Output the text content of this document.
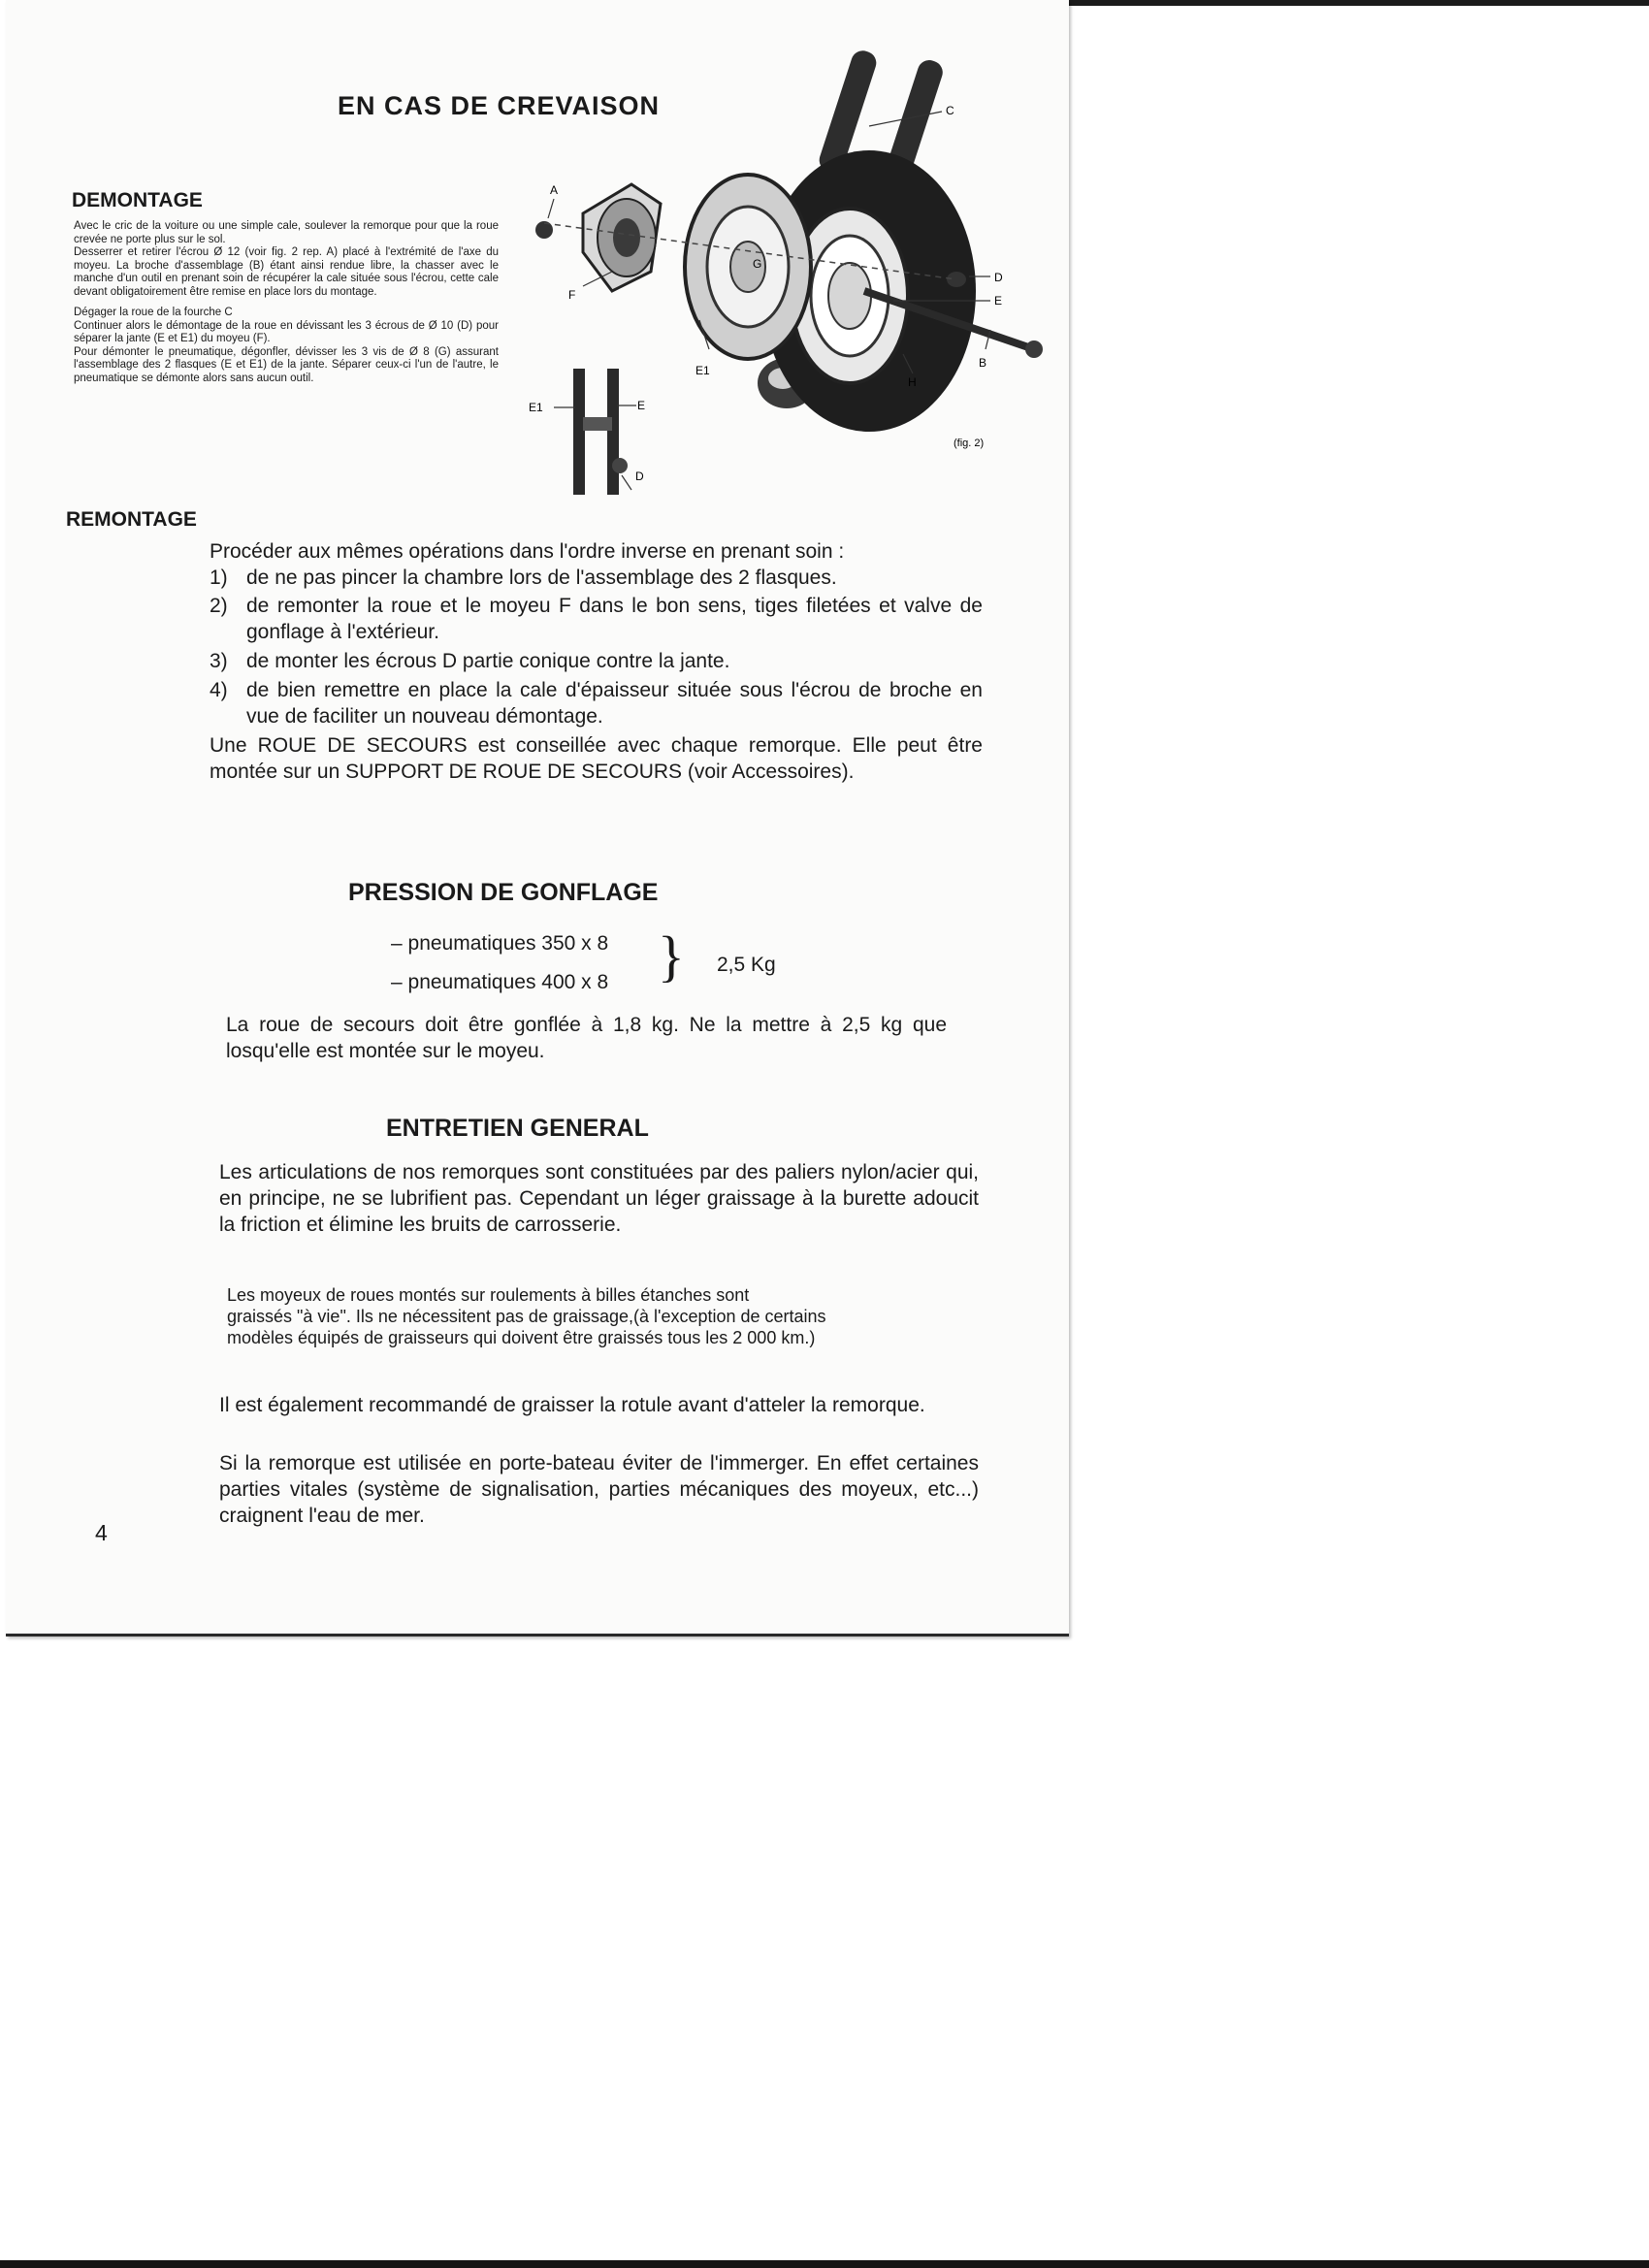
EN CAS DE CREVAISON
DEMONTAGE
Avec le cric de la voiture ou une simple cale, soulever la remorque pour que la roue crevée ne porte plus sur le sol.
Desserrer et retirer l'écrou Ø 12 (voir fig. 2 rep. A) placé à l'extrémité de l'axe du moyeu. La broche d'assemblage (B) étant ainsi rendue libre, la chasser avec le manche d'un outil en prenant soin de récupérer la cale située sous l'écrou, cette cale devant obligatoirement être remise en place lors du montage.
Dégager la roue de la fourche C
Continuer alors le démontage de la roue en dévissant les 3 écrous de Ø 10 (D) pour séparer la jante (E et E1) du moyeu (F).
Pour démonter le pneumatique, dégonfler, dévisser les 3 vis de Ø 8 (G) assurant l'assemblage des 2 flasques (E et E1) de la jante. Séparer ceux-ci l'un de l'autre, le pneumatique se démonte alors sans aucun outil.
A
C
D
E
F
G
E1
H
B
E1	E
D
(fig. 2)
REMONTAGE
Procéder aux mêmes opérations dans l'ordre inverse en prenant soin :
1) de ne pas pincer la chambre lors de l'assemblage des 2 flasques.
2) de remonter la roue et le moyeu F dans le bon sens, tiges filetées et valve de gonflage à l'extérieur.
3) de monter les écrous D partie conique contre la jante.
4) de bien remettre en place la cale d'épaisseur située sous l'écrou de broche en vue de faciliter un nouveau démontage.
Une ROUE DE SECOURS est conseillée avec chaque remorque. Elle peut être montée sur un SUPPORT DE ROUE DE SECOURS (voir Accessoires).
PRESSION DE GONFLAGE
– pneumatiques 350 x 8
– pneumatiques 400 x 8 } 2,5 Kg
La roue de secours doit être gonflée à 1,8 kg. Ne la mettre à 2,5 kg que losqu'elle est montée sur le moyeu.
ENTRETIEN GENERAL
Les articulations de nos remorques sont constituées par des paliers nylon/acier qui, en principe, ne se lubrifient pas. Cependant un léger graissage à la burette adoucit la friction et élimine les bruits de carrosserie.
Les moyeux de roues montés sur roulements à billes étanches sont
graissés "à vie". Ils ne nécessitent pas de graissage,(à l'exception de certains
modèles équipés de graisseurs qui doivent être graissés tous les 2 000 km.)
Il est également recommandé de graisser la rotule avant d'atteler la remorque.
Si la remorque est utilisée en porte-bateau éviter de l'immerger. En effet certaines parties vitales (système de signalisation, parties mécaniques des moyeux, etc...) craignent l'eau de mer.
4
